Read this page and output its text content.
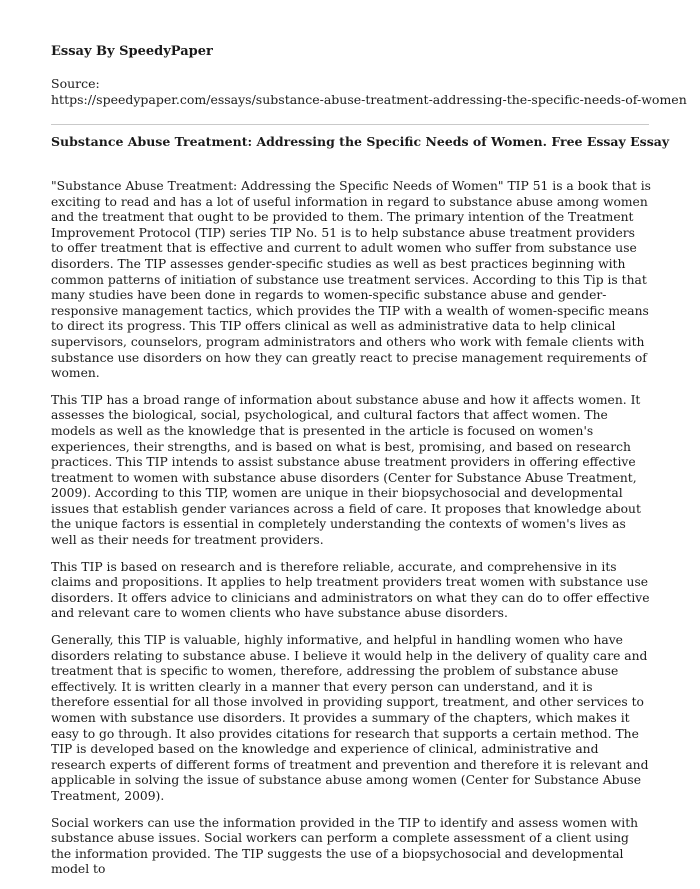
Essay By SpeedyPaper
Source:
https://speedypaper.com/essays/substance-abuse-treatment-addressing-the-specific-needs-of-women
Substance Abuse Treatment: Addressing the Specific Needs of Women. Free Essay Essay

"Substance Abuse Treatment: Addressing the Specific Needs of Women" TIP 51 is a book that is exciting to read and has a lot of useful information in regard to substance abuse among women and the treatment that ought to be provided to them. The primary intention of the Treatment Improvement Protocol (TIP) series TIP No. 51 is to help substance abuse treatment providers to offer treatment that is effective and current to adult women who suffer from substance use disorders. The TIP assesses gender-specific studies as well as best practices beginning with common patterns of initiation of substance use treatment services. According to this Tip is that many studies have been done in regards to women-specific substance abuse and gender-responsive management tactics, which provides the TIP with a wealth of women-specific means to direct its progress. This TIP offers clinical as well as administrative data to help clinical supervisors, counselors, program administrators and others who work with female clients with substance use disorders on how they can greatly react to precise management requirements of women.

This TIP has a broad range of information about substance abuse and how it affects women. It assesses the biological, social, psychological, and cultural factors that affect women. The models as well as the knowledge that is presented in the article is focused on women's experiences, their strengths, and is based on what is best, promising, and based on research practices. This TIP intends to assist substance abuse treatment providers in offering effective treatment to women with substance abuse disorders (Center for Substance Abuse Treatment, 2009). According to this TIP, women are unique in their biopsychosocial and developmental issues that establish gender variances across a field of care. It proposes that knowledge about the unique factors is essential in completely understanding the contexts of women's lives as well as their needs for treatment providers.

This TIP is based on research and is therefore reliable, accurate, and comprehensive in its claims and propositions. It applies to help treatment providers treat women with substance use disorders. It offers advice to clinicians and administrators on what they can do to offer effective and relevant care to women clients who have substance abuse disorders.

Generally, this TIP is valuable, highly informative, and helpful in handling women who have disorders relating to substance abuse. I believe it would help in the delivery of quality care and treatment that is specific to women, therefore, addressing the problem of substance abuse effectively. It is written clearly in a manner that every person can understand, and it is therefore essential for all those involved in providing support, treatment, and other services to women with substance use disorders. It provides a summary of the chapters, which makes it easy to go through. It also provides citations for research that supports a certain method. The TIP is developed based on the knowledge and experience of clinical, administrative and research experts of different forms of treatment and prevention and therefore it is relevant and applicable in solving the issue of substance abuse among women (Center for Substance Abuse Treatment, 2009).

Social workers can use the information provided in the TIP to identify and assess women with substance abuse issues. Social workers can perform a complete assessment of a client using the information provided. The TIP suggests the use of a biopsychosocial and developmental model to
